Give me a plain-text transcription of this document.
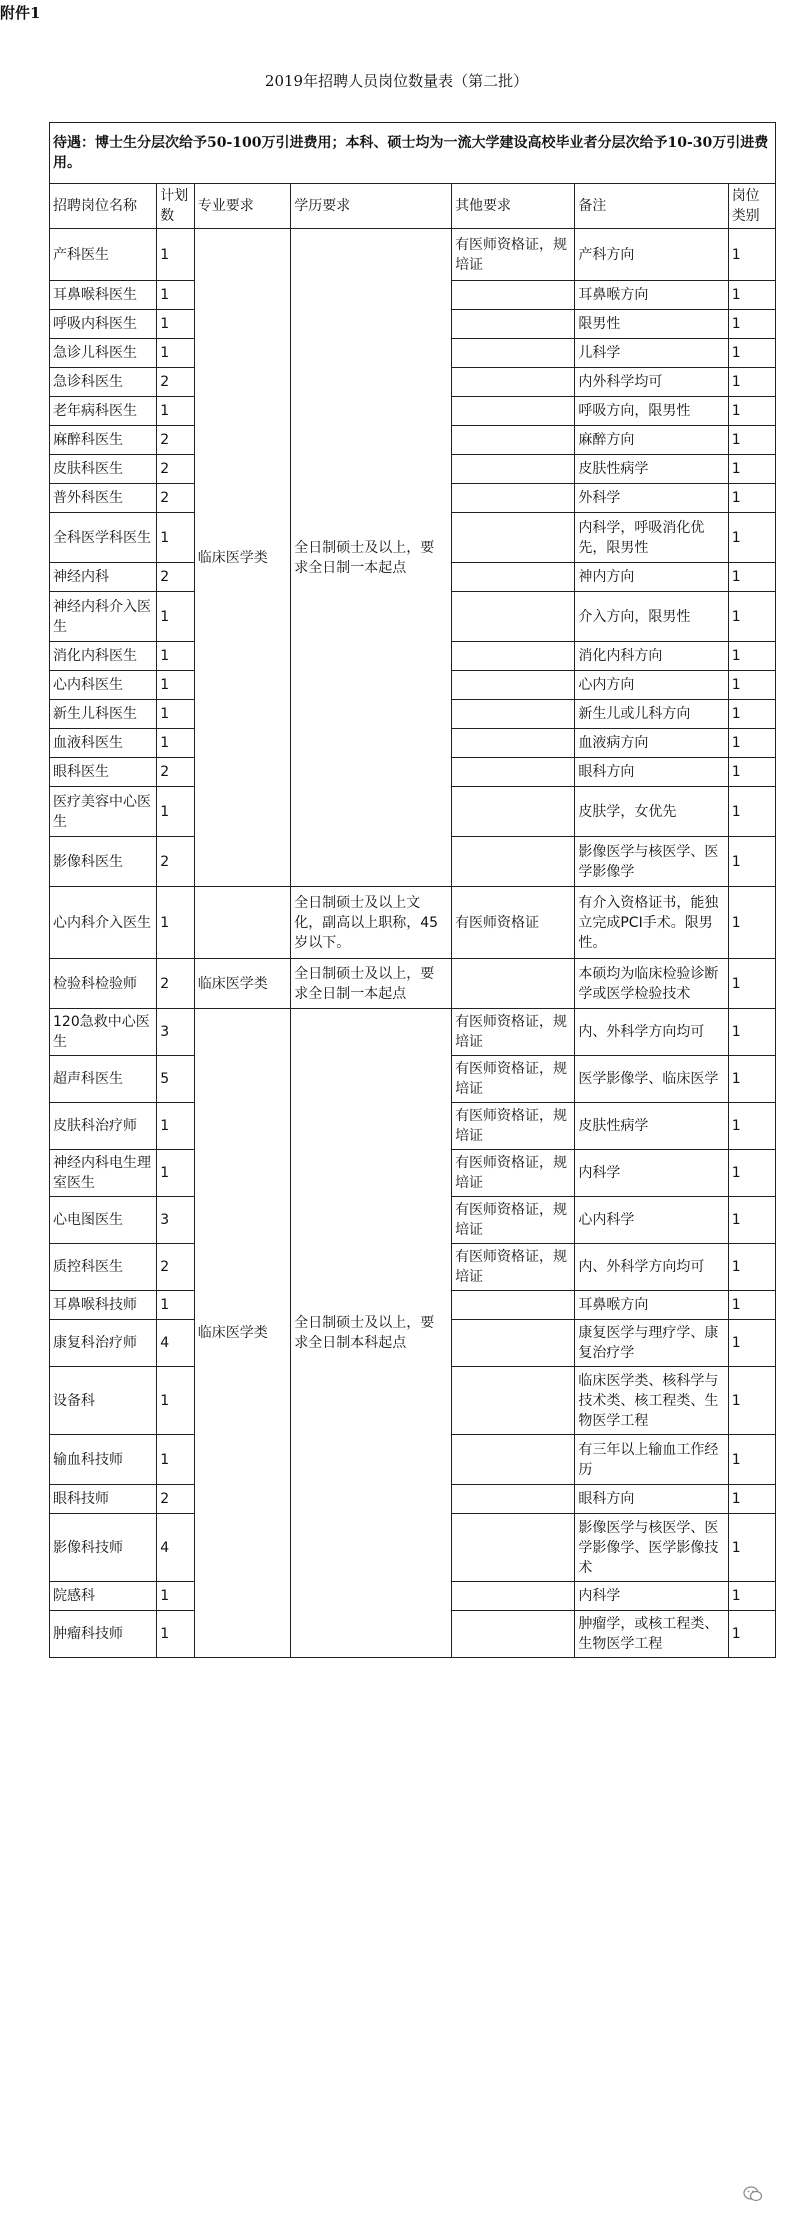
附件1
2019年招聘人员岗位数量表（第二批）
待遇：博士生分层次给予50-100万引进费用；本科、硕士均为一流大学建设高校毕业者分层次给予10-30万引进费用。						
招聘岗位名称	计划数	专业要求	学历要求	其他要求	备注	岗位类别
产科医生	1	临床医学类	全日制硕士及以上，要求全日制一本起点	有医师资格证，规培证	产科方向	1
耳鼻喉科医生	1				耳鼻喉方向	1
呼吸内科医生	1				限男性	1
急诊儿科医生	1				儿科学	1
急诊科医生	2				内外科学均可	1
老年病科医生	1				呼吸方向，限男性	1
麻醉科医生	2				麻醉方向	1
皮肤科医生	2				皮肤性病学	1
普外科医生	2				外科学	1
全科医学科医生	1				内科学，呼吸消化优先，限男性	1
神经内科	2				神内方向	1
神经内科介入医生	1				介入方向，限男性	1
消化内科医生	1				消化内科方向	1
心内科医生	1				心内方向	1
新生儿科医生	1				新生儿或儿科方向	1
血液科医生	1				血液病方向	1
眼科医生	2				眼科方向	1
医疗美容中心医生	1				皮肤学，女优先	1
影像科医生	2				影像医学与核医学、医学影像学	1
心内科介入医生	1		全日制硕士及以上文化，副高以上职称，45岁以下。	有医师资格证	有介入资格证书，能独立完成PCI手术。限男性。	1
检验科检验师	2	临床医学类	全日制硕士及以上，要求全日制一本起点		本硕均为临床检验诊断学或医学检验技术	1
120急救中心医生	3	临床医学类	全日制硕士及以上，要求全日制本科起点	有医师资格证，规培证	内、外科学方向均可	1
超声科医生	5			有医师资格证，规培证	医学影像学、临床医学	1
皮肤科治疗师	1			有医师资格证，规培证	皮肤性病学	1
神经内科电生理室医生	1			有医师资格证，规培证	内科学	1
心电图医生	3			有医师资格证，规培证	心内科学	1
质控科医生	2			有医师资格证，规培证	内、外科学方向均可	1
耳鼻喉科技师	1				耳鼻喉方向	1
康复科治疗师	4				康复医学与理疗学、康复治疗学	1
设备科	1				临床医学类、核科学与技术类、核工程类、生物医学工程	1
输血科技师	1				有三年以上输血工作经历	1
眼科技师	2				眼科方向	1
影像科技师	4				影像医学与核医学、医学影像学、医学影像技术	1
院感科	1				内科学	1
肿瘤科技师	1				肿瘤学，或核工程类、生物医学工程	1
